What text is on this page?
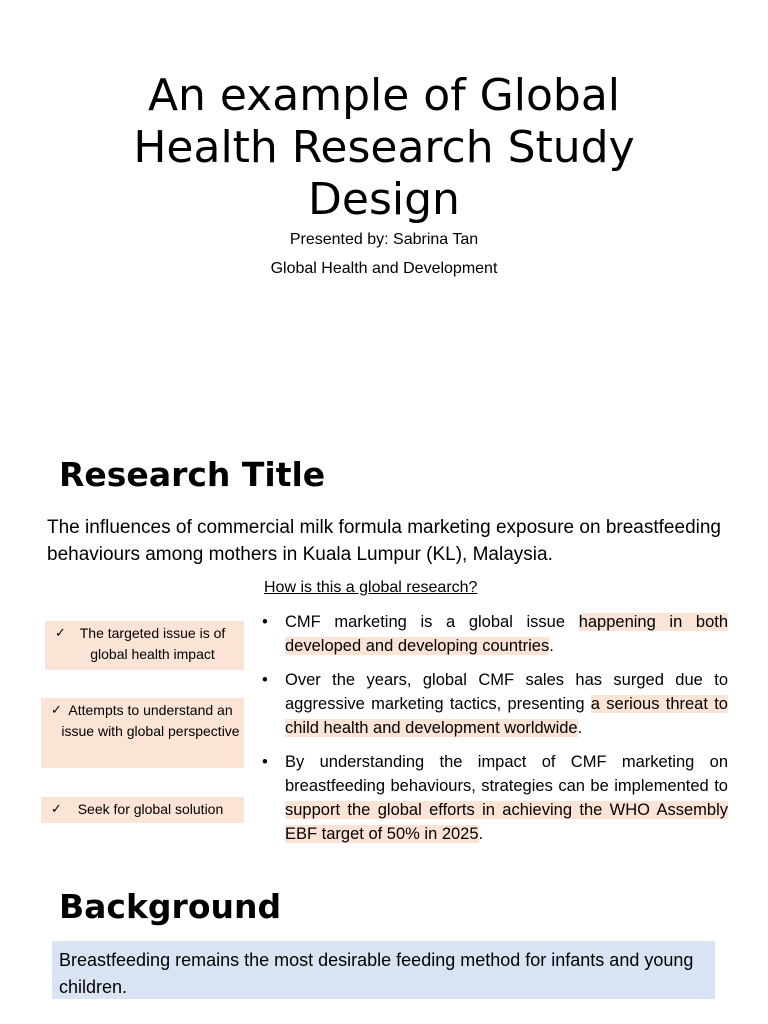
An example of Global Health Research Study Design
Presented by: Sabrina Tan
Global Health and Development
Research Title
The influences of commercial milk formula marketing exposure on breastfeeding behaviours among mothers in Kuala Lumpur (KL), Malaysia.
How is this a global research?
✓ The targeted issue is of global health impact
✓ Attempts to understand an issue with global perspective
✓	Seek for global solution
• CMF marketing is a global issue happening in both developed and developing countries.
• Over the years, global CMF sales has surged due to aggressive marketing tactics, presenting a serious threat to child health and development worldwide.
• By understanding the impact of CMF marketing on breastfeeding behaviours, strategies can be implemented to support the global efforts in achieving the WHO Assembly EBF target of 50% in 2025.
Background
Breastfeeding remains the most desirable feeding method for infants and young children.
